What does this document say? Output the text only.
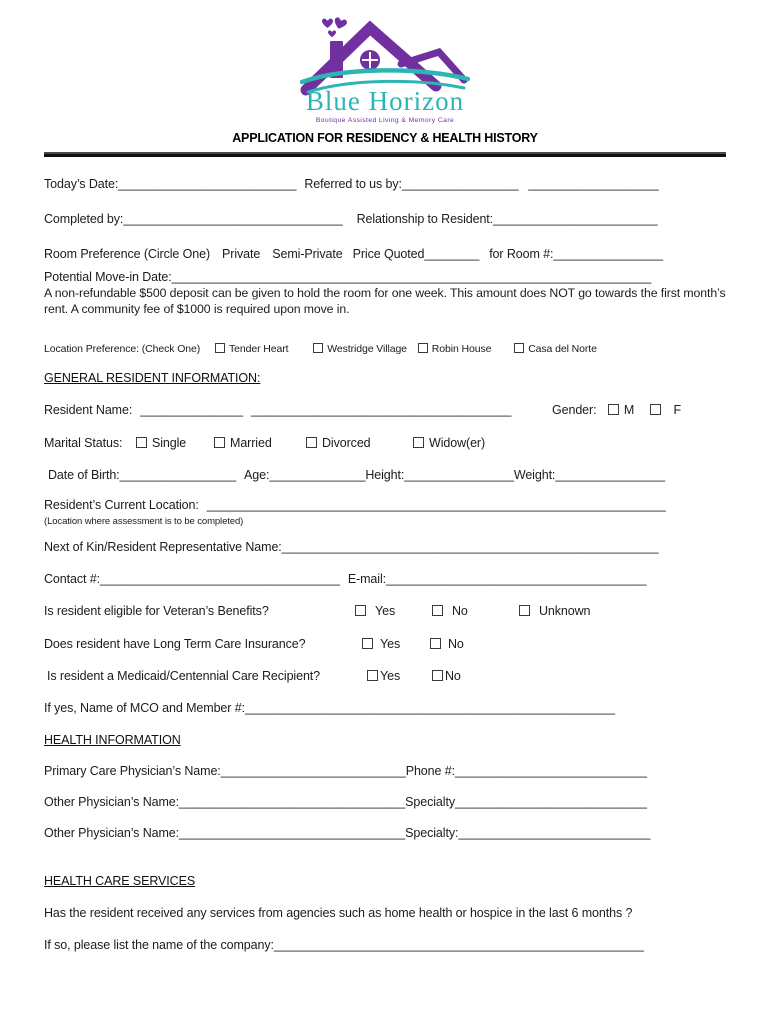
Blue Horizon
Boutique Assisted Living & Memory Care
APPLICATION FOR RESIDENCY & HEALTH HISTORY
Today’s Date:__________________________ Referred to us by:_________________ ___________________
Completed by:________________________________ Relationship to Resident:________________________
Room Preference (Circle One) Private Semi-Private Price Quoted________ for Room #:________________
Potential Move-in Date:______________________________________________________________________
A non-refundable $500 deposit can be given to hold the room for one week. This amount does NOT go towards the first month’s rent. A community fee of $1000 is required upon move in.
Location Preference: (Check One)	Tender Heart	Westridge Village Robin House	Casa del Norte
GENERAL RESIDENT INFORMATION:
Resident Name: _______________ ______________________________________	Gender: M	F
Marital Status:	Single	Married	Divorced	Widow(er)
Date of Birth:_________________ Age:______________Height:________________Weight:________________
Resident’s Current Location: ___________________________________________________________________
(Location where assessment is to be completed)
Next of Kin/Resident Representative Name:_______________________________________________________
Contact #:___________________________________ E-mail:______________________________________
Is resident eligible for Veteran’s Benefits?	Yes	No	Unknown
Does resident have Long Term Care Insurance?	Yes	No
Is resident a Medicaid/Centennial Care Recipient?	Yes	No
If yes, Name of MCO and Member #:______________________________________________________
HEALTH INFORMATION
Primary Care Physician’s Name:___________________________Phone #:____________________________
Other Physician’s Name:_________________________________Specialty____________________________
Other Physician’s Name:_________________________________Specialty:____________________________
HEALTH CARE SERVICES
Has the resident received any services from agencies such as home health or hospice in the last 6 months ?
If so, please list the name of the company:______________________________________________________
